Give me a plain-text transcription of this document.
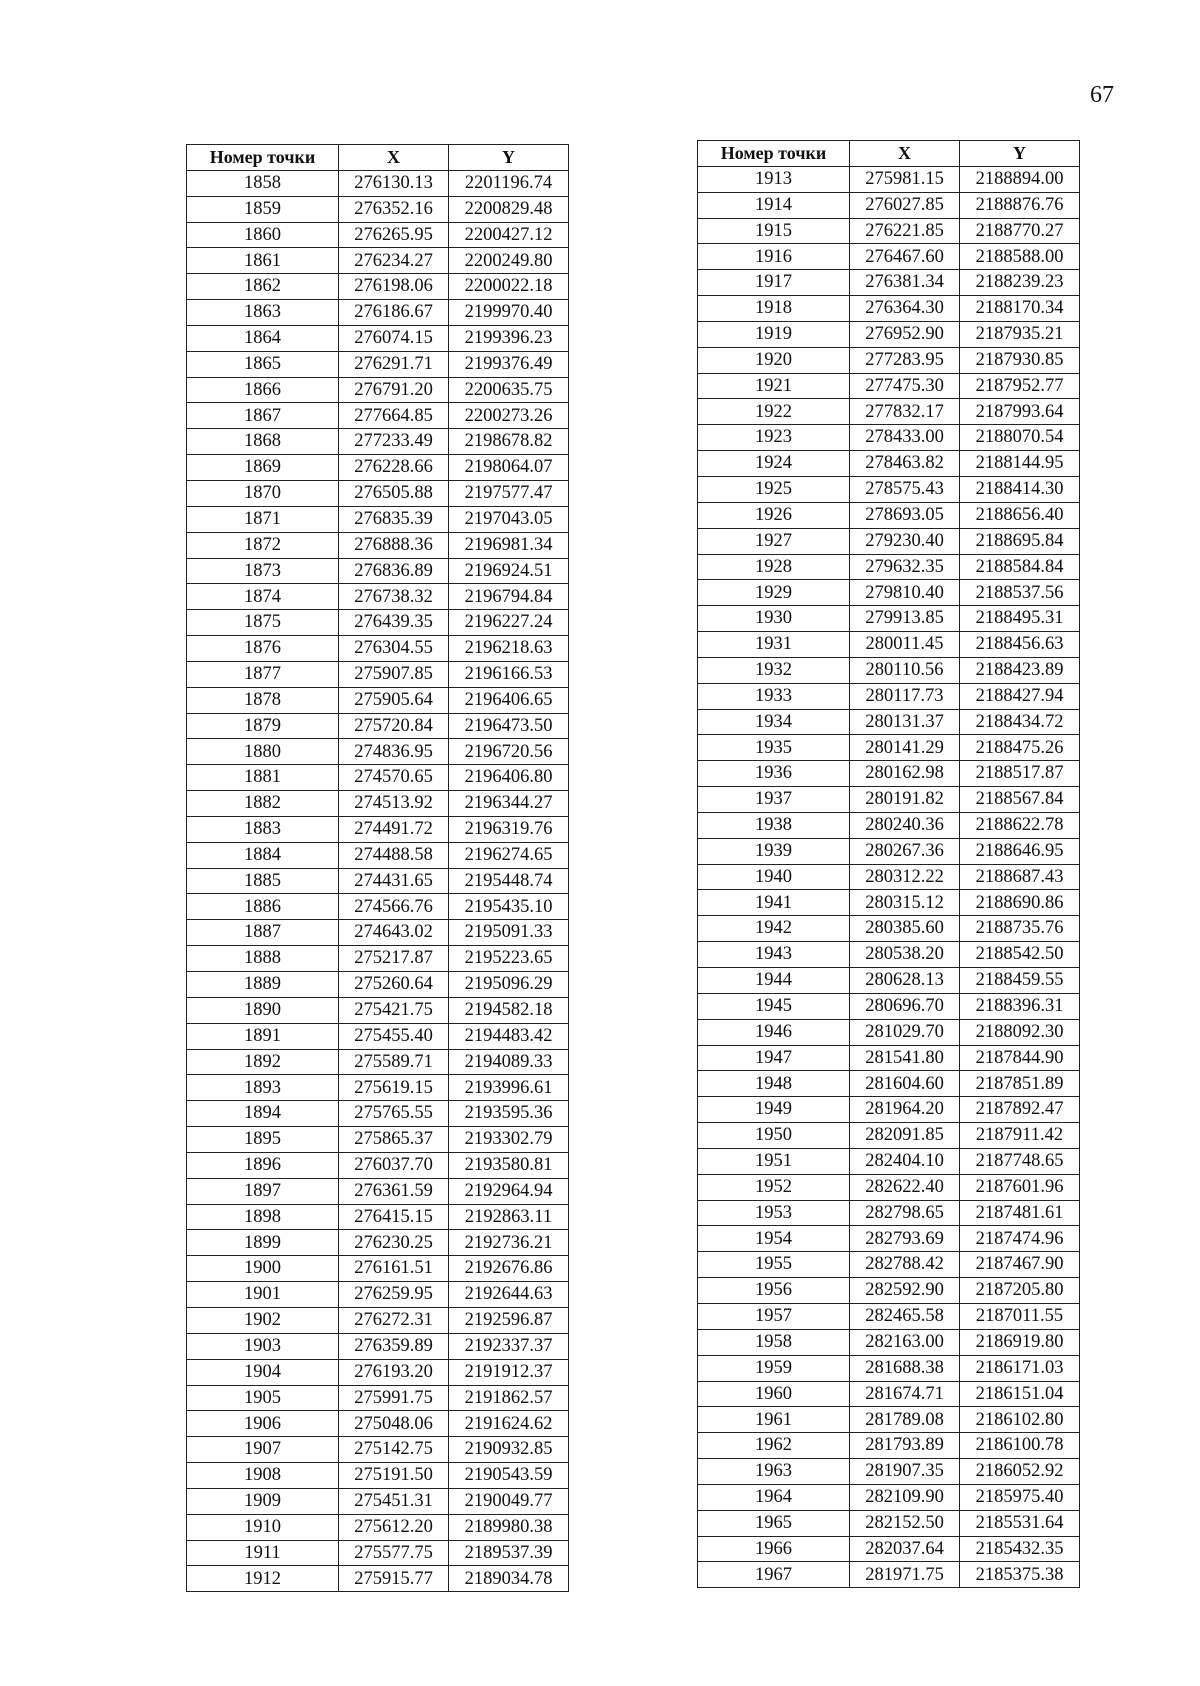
67
Номер точки	X	Y
1858	276130.13	2201196.74
1859	276352.16	2200829.48
1860	276265.95	2200427.12
1861	276234.27	2200249.80
1862	276198.06	2200022.18
1863	276186.67	2199970.40
1864	276074.15	2199396.23
1865	276291.71	2199376.49
1866	276791.20	2200635.75
1867	277664.85	2200273.26
1868	277233.49	2198678.82
1869	276228.66	2198064.07
1870	276505.88	2197577.47
1871	276835.39	2197043.05
1872	276888.36	2196981.34
1873	276836.89	2196924.51
1874	276738.32	2196794.84
1875	276439.35	2196227.24
1876	276304.55	2196218.63
1877	275907.85	2196166.53
1878	275905.64	2196406.65
1879	275720.84	2196473.50
1880	274836.95	2196720.56
1881	274570.65	2196406.80
1882	274513.92	2196344.27
1883	274491.72	2196319.76
1884	274488.58	2196274.65
1885	274431.65	2195448.74
1886	274566.76	2195435.10
1887	274643.02	2195091.33
1888	275217.87	2195223.65
1889	275260.64	2195096.29
1890	275421.75	2194582.18
1891	275455.40	2194483.42
1892	275589.71	2194089.33
1893	275619.15	2193996.61
1894	275765.55	2193595.36
1895	275865.37	2193302.79
1896	276037.70	2193580.81
1897	276361.59	2192964.94
1898	276415.15	2192863.11
1899	276230.25	2192736.21
1900	276161.51	2192676.86
1901	276259.95	2192644.63
1902	276272.31	2192596.87
1903	276359.89	2192337.37
1904	276193.20	2191912.37
1905	275991.75	2191862.57
1906	275048.06	2191624.62
1907	275142.75	2190932.85
1908	275191.50	2190543.59
1909	275451.31	2190049.77
1910	275612.20	2189980.38
1911	275577.75	2189537.39
1912	275915.77	2189034.78
Номер точки	X	Y
1913	275981.15	2188894.00
1914	276027.85	2188876.76
1915	276221.85	2188770.27
1916	276467.60	2188588.00
1917	276381.34	2188239.23
1918	276364.30	2188170.34
1919	276952.90	2187935.21
1920	277283.95	2187930.85
1921	277475.30	2187952.77
1922	277832.17	2187993.64
1923	278433.00	2188070.54
1924	278463.82	2188144.95
1925	278575.43	2188414.30
1926	278693.05	2188656.40
1927	279230.40	2188695.84
1928	279632.35	2188584.84
1929	279810.40	2188537.56
1930	279913.85	2188495.31
1931	280011.45	2188456.63
1932	280110.56	2188423.89
1933	280117.73	2188427.94
1934	280131.37	2188434.72
1935	280141.29	2188475.26
1936	280162.98	2188517.87
1937	280191.82	2188567.84
1938	280240.36	2188622.78
1939	280267.36	2188646.95
1940	280312.22	2188687.43
1941	280315.12	2188690.86
1942	280385.60	2188735.76
1943	280538.20	2188542.50
1944	280628.13	2188459.55
1945	280696.70	2188396.31
1946	281029.70	2188092.30
1947	281541.80	2187844.90
1948	281604.60	2187851.89
1949	281964.20	2187892.47
1950	282091.85	2187911.42
1951	282404.10	2187748.65
1952	282622.40	2187601.96
1953	282798.65	2187481.61
1954	282793.69	2187474.96
1955	282788.42	2187467.90
1956	282592.90	2187205.80
1957	282465.58	2187011.55
1958	282163.00	2186919.80
1959	281688.38	2186171.03
1960	281674.71	2186151.04
1961	281789.08	2186102.80
1962	281793.89	2186100.78
1963	281907.35	2186052.92
1964	282109.90	2185975.40
1965	282152.50	2185531.64
1966	282037.64	2185432.35
1967	281971.75	2185375.38
